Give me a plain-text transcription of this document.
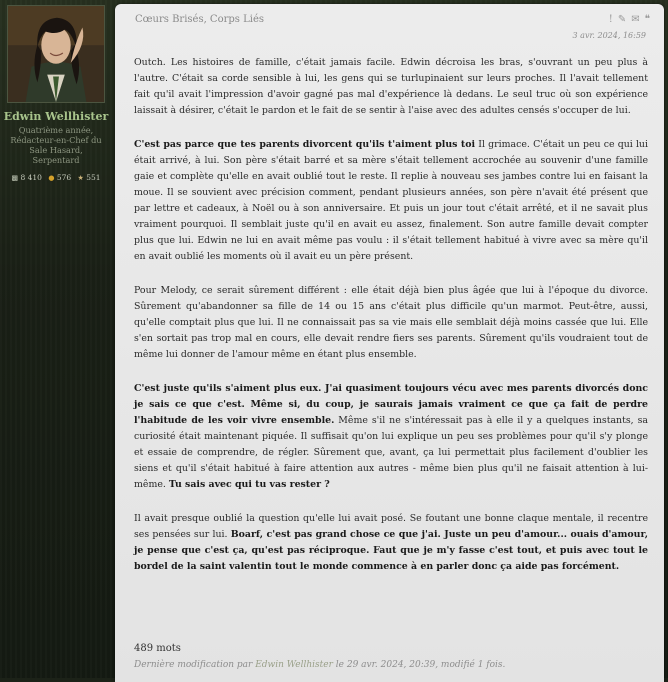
Edwin Wellhister
Quatrième année,
Rédacteur-en-Chef du
Sale Hasard,
Serpentard
▩ 8 410 ● 576 ★ 551
Cœurs Brisés, Corps Liés	! ✎ ✉ ❝
3 avr. 2024, 16:59

Outch. Les histoires de famille, c'était jamais facile. Edwin décroisa les bras, s'ouvrant un peu plus à l'autre. C'était sa corde sensible à lui, les gens qui se turlupinaient sur leurs proches. Il l'avait tellement fait qu'il avait l'impression d'avoir gagné pas mal d'expérience là dedans. Le seul truc où son expérience laissait à désirer, c'était le pardon et le fait de se sentir à l'aise avec des adultes censés s'occuper de lui.

C'est pas parce que tes parents divorcent qu'ils t'aiment plus toi Il grimace. C'était un peu ce qui lui était arrivé, à lui. Son père s'était barré et sa mère s'était tellement accrochée au souvenir d'une famille gaie et complète qu'elle en avait oublié tout le reste. Il replie à nouveau ses jambes contre lui en faisant la moue. Il se souvient avec précision comment, pendant plusieurs années, son père n'avait été présent que par lettre et cadeaux, à Noël ou à son anniversaire. Et puis un jour tout c'était arrêté, et il ne savait plus vraiment pourquoi. Il semblait juste qu'il en avait eu assez, finalement. Son autre famille devait compter plus que lui. Edwin ne lui en avait même pas voulu : il s'était tellement habitué à vivre avec sa mère qu'il en avait oublié les moments où il avait eu un père présent.

Pour Melody, ce serait sûrement différent : elle était déjà bien plus âgée que lui à l'époque du divorce. Sûrement qu'abandonner sa fille de 14 ou 15 ans c'était plus difficile qu'un marmot. Peut-être, aussi, qu'elle comptait plus que lui. Il ne connaissait pas sa vie mais elle semblait déjà moins cassée que lui. Elle s'en sortait pas trop mal en cours, elle devait rendre fiers ses parents. Sûrement qu'ils voudraient tout de même lui donner de l'amour même en étant plus ensemble.

C'est juste qu'ils s'aiment plus eux. J'ai quasiment toujours vécu avec mes parents divorcés donc je sais ce que c'est. Même si, du coup, je saurais jamais vraiment ce que ça fait de perdre l'habitude de les voir vivre ensemble. Même s'il ne s'intéressait pas à elle il y a quelques instants, sa curiosité était maintenant piquée. Il suffisait qu'on lui explique un peu ses problèmes pour qu'il s'y plonge et essaie de comprendre, de régler. Sûrement que, avant, ça lui permettait plus facilement d'oublier les siens et qu'il s'était habitué à faire attention aux autres - même bien plus qu'il ne faisait attention à lui-même. Tu sais avec qui tu vas rester ?

Il avait presque oublié la question qu'elle lui avait posé. Se foutant une bonne claque mentale, il recentre ses pensées sur lui. Boarf, c'est pas grand chose ce que j'ai. Juste un peu d'amour... ouais d'amour, je pense que c'est ça, qu'est pas réciproque. Faut que je m'y fasse c'est tout, et puis avec tout le bordel de la saint valentin tout le monde commence à en parler donc ça aide pas forcément.

489 mots
Dernière modification par Edwin Wellhister le 29 avr. 2024, 20:39, modifié 1 fois.
